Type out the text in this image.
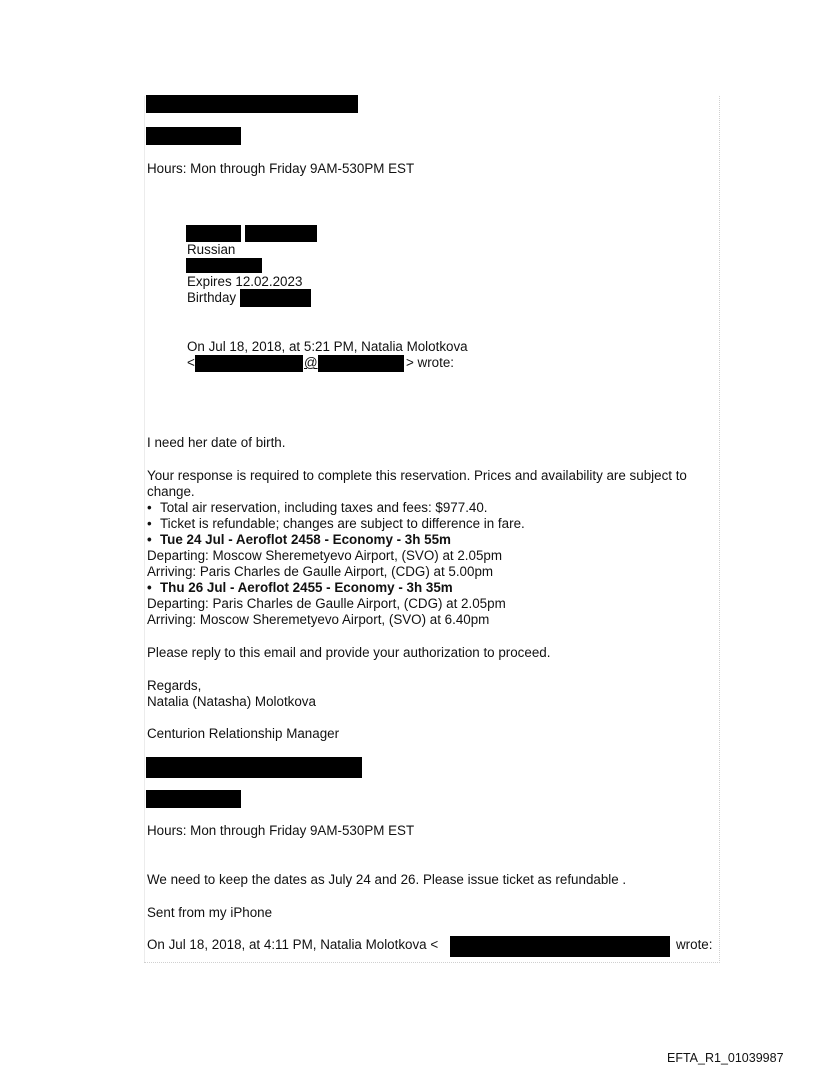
Hours: Mon through Friday 9AM-530PM EST
Russian
Expires 12.02.2023
Birthday
On Jul 18, 2018, at 5:21 PM, Natalia Molotkova
<	@	> wrote:
I need her date of birth.
Your response is required to complete this reservation. Prices and availability are subject to
change.
• Total air reservation, including taxes and fees: $977.40.
• Ticket is refundable; changes are subject to difference in fare.
• Tue 24 Jul - Aeroflot 2458 - Economy - 3h 55m
Departing: Moscow Sheremetyevo Airport, (SVO) at 2.05pm
Arriving: Paris Charles de Gaulle Airport, (CDG) at 5.00pm
• Thu 26 Jul - Aeroflot 2455 - Economy - 3h 35m
Departing: Paris Charles de Gaulle Airport, (CDG) at 2.05pm
Arriving: Moscow Sheremetyevo Airport, (SVO) at 6.40pm
Please reply to this email and provide your authorization to proceed.
Regards,
Natalia (Natasha) Molotkova
Centurion Relationship Manager
Hours: Mon through Friday 9AM-530PM EST
We need to keep the dates as July 24 and 26. Please issue ticket as refundable .
Sent from my iPhone
On Jul 18, 2018, at 4:11 PM, Natalia Molotkova <	wrote:
EFTA_R1_01039987
